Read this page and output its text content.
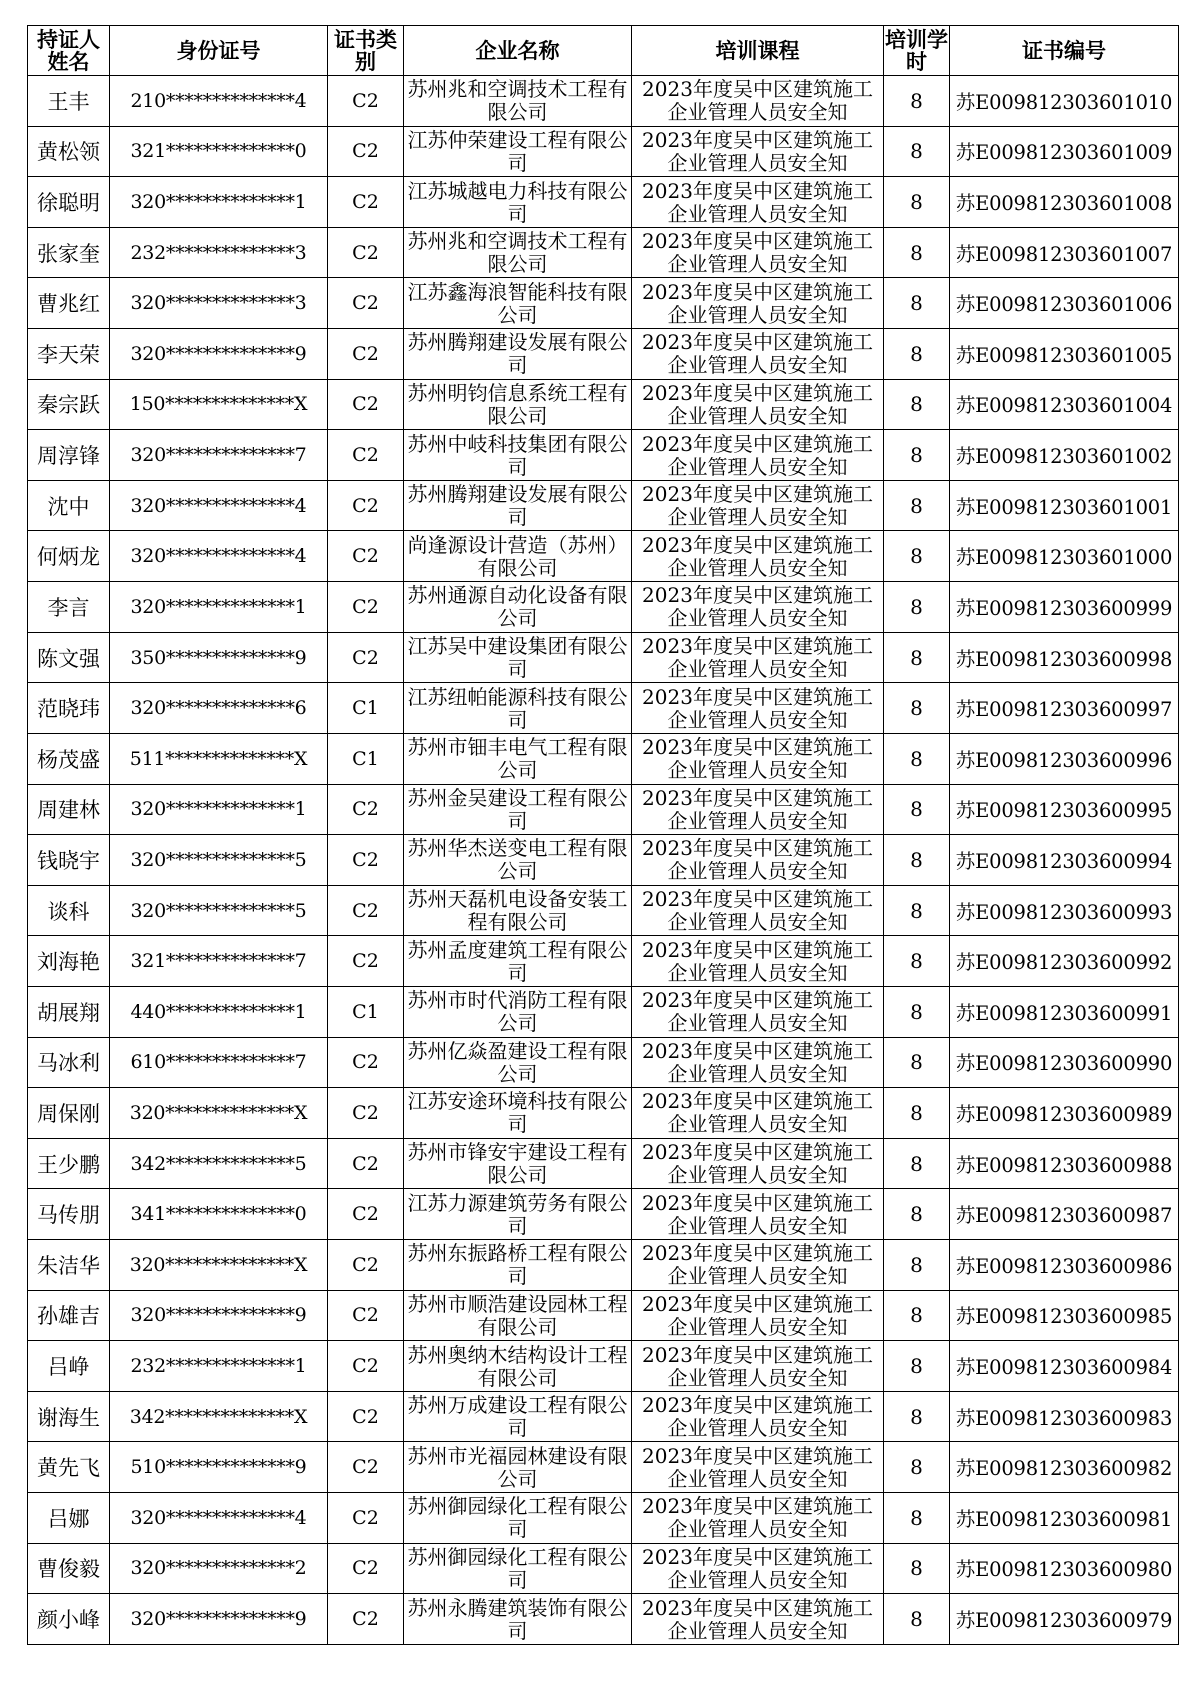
持证人姓名	身份证号	证书类别	企业名称	培训课程	培训学时	证书编号
王丰	210**************4	C2	苏州兆和空调技术工程有限公司	2023年度吴中区建筑施工企业管理人员安全知	8	苏E009812303601010
黄松领	321**************0	C2	江苏仲荣建设工程有限公司	2023年度吴中区建筑施工企业管理人员安全知	8	苏E009812303601009
徐聪明	320**************1	C2	江苏城越电力科技有限公司	2023年度吴中区建筑施工企业管理人员安全知	8	苏E009812303601008
张家奎	232**************3	C2	苏州兆和空调技术工程有限公司	2023年度吴中区建筑施工企业管理人员安全知	8	苏E009812303601007
曹兆红	320**************3	C2	江苏鑫海浪智能科技有限公司	2023年度吴中区建筑施工企业管理人员安全知	8	苏E009812303601006
李天荣	320**************9	C2	苏州腾翔建设发展有限公司	2023年度吴中区建筑施工企业管理人员安全知	8	苏E009812303601005
秦宗跃	150**************X	C2	苏州明钧信息系统工程有限公司	2023年度吴中区建筑施工企业管理人员安全知	8	苏E009812303601004
周淳锋	320**************7	C2	苏州中岐科技集团有限公司	2023年度吴中区建筑施工企业管理人员安全知	8	苏E009812303601002
沈中	320**************4	C2	苏州腾翔建设发展有限公司	2023年度吴中区建筑施工企业管理人员安全知	8	苏E009812303601001
何炳龙	320**************4	C2	尚逢源设计营造（苏州）有限公司	2023年度吴中区建筑施工企业管理人员安全知	8	苏E009812303601000
李言	320**************1	C2	苏州通源自动化设备有限公司	2023年度吴中区建筑施工企业管理人员安全知	8	苏E009812303600999
陈文强	350**************9	C2	江苏吴中建设集团有限公司	2023年度吴中区建筑施工企业管理人员安全知	8	苏E009812303600998
范晓玮	320**************6	C1	江苏纽帕能源科技有限公司	2023年度吴中区建筑施工企业管理人员安全知	8	苏E009812303600997
杨茂盛	511**************X	C1	苏州市钿丰电气工程有限公司	2023年度吴中区建筑施工企业管理人员安全知	8	苏E009812303600996
周建林	320**************1	C2	苏州金吴建设工程有限公司	2023年度吴中区建筑施工企业管理人员安全知	8	苏E009812303600995
钱晓宇	320**************5	C2	苏州华杰送变电工程有限公司	2023年度吴中区建筑施工企业管理人员安全知	8	苏E009812303600994
谈科	320**************5	C2	苏州天磊机电设备安装工程有限公司	2023年度吴中区建筑施工企业管理人员安全知	8	苏E009812303600993
刘海艳	321**************7	C2	苏州孟度建筑工程有限公司	2023年度吴中区建筑施工企业管理人员安全知	8	苏E009812303600992
胡展翔	440**************1	C1	苏州市时代消防工程有限公司	2023年度吴中区建筑施工企业管理人员安全知	8	苏E009812303600991
马冰利	610**************7	C2	苏州亿焱盈建设工程有限公司	2023年度吴中区建筑施工企业管理人员安全知	8	苏E009812303600990
周保刚	320**************X	C2	江苏安途环境科技有限公司	2023年度吴中区建筑施工企业管理人员安全知	8	苏E009812303600989
王少鹏	342**************5	C2	苏州市锋安宇建设工程有限公司	2023年度吴中区建筑施工企业管理人员安全知	8	苏E009812303600988
马传朋	341**************0	C2	江苏力源建筑劳务有限公司	2023年度吴中区建筑施工企业管理人员安全知	8	苏E009812303600987
朱洁华	320**************X	C2	苏州东振路桥工程有限公司	2023年度吴中区建筑施工企业管理人员安全知	8	苏E009812303600986
孙雄吉	320**************9	C2	苏州市顺浩建设园林工程有限公司	2023年度吴中区建筑施工企业管理人员安全知	8	苏E009812303600985
吕峥	232**************1	C2	苏州奥纳木结构设计工程有限公司	2023年度吴中区建筑施工企业管理人员安全知	8	苏E009812303600984
谢海生	342**************X	C2	苏州万成建设工程有限公司	2023年度吴中区建筑施工企业管理人员安全知	8	苏E009812303600983
黄先飞	510**************9	C2	苏州市光福园林建设有限公司	2023年度吴中区建筑施工企业管理人员安全知	8	苏E009812303600982
吕娜	320**************4	C2	苏州御园绿化工程有限公司	2023年度吴中区建筑施工企业管理人员安全知	8	苏E009812303600981
曹俊毅	320**************2	C2	苏州御园绿化工程有限公司	2023年度吴中区建筑施工企业管理人员安全知	8	苏E009812303600980
颜小峰	320**************9	C2	苏州永腾建筑装饰有限公司	2023年度吴中区建筑施工企业管理人员安全知	8	苏E009812303600979
